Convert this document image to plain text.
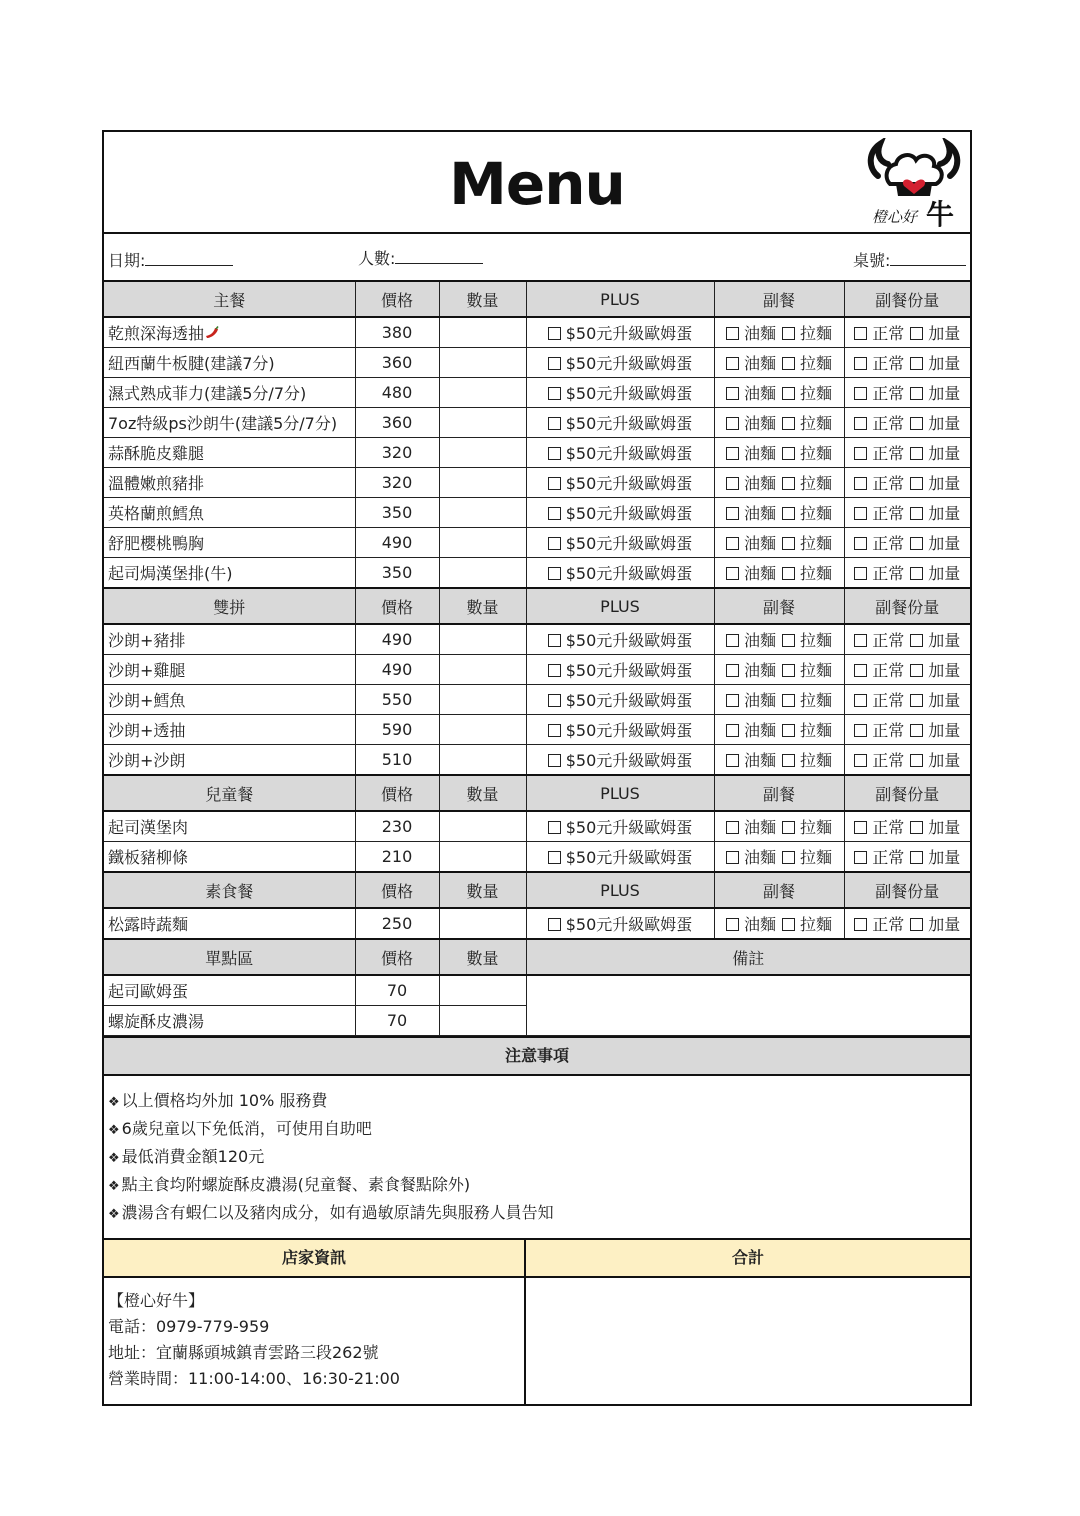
Menu	橙心好 牛
日期:	人數:	桌號:
主餐	價格	數量	PLUS	副餐	副餐份量
乾煎深海透抽	380		$50元升級歐姆蛋	油麵 拉麵	正常 加量
紐西蘭牛板腱(建議7分)	360		$50元升級歐姆蛋	油麵 拉麵	正常 加量
濕式熟成菲力(建議5分/7分)	480		$50元升級歐姆蛋	油麵 拉麵	正常 加量
7oz特級ps沙朗牛(建議5分/7分)	360		$50元升級歐姆蛋	油麵 拉麵	正常 加量
蒜酥脆皮雞腿	320		$50元升級歐姆蛋	油麵 拉麵	正常 加量
溫體嫩煎豬排	320		$50元升級歐姆蛋	油麵 拉麵	正常 加量
英格蘭煎鱈魚	350		$50元升級歐姆蛋	油麵 拉麵	正常 加量
舒肥櫻桃鴨胸	490		$50元升級歐姆蛋	油麵 拉麵	正常 加量
起司焗漢堡排(牛)	350		$50元升級歐姆蛋	油麵 拉麵	正常 加量
雙拼	價格	數量	PLUS	副餐	副餐份量
沙朗+豬排	490		$50元升級歐姆蛋	油麵 拉麵	正常 加量
沙朗+雞腿	490		$50元升級歐姆蛋	油麵 拉麵	正常 加量
沙朗+鱈魚	550		$50元升級歐姆蛋	油麵 拉麵	正常 加量
沙朗+透抽	590		$50元升級歐姆蛋	油麵 拉麵	正常 加量
沙朗+沙朗	510		$50元升級歐姆蛋	油麵 拉麵	正常 加量
兒童餐	價格	數量	PLUS	副餐	副餐份量
起司漢堡肉	230		$50元升級歐姆蛋	油麵 拉麵	正常 加量
鐵板豬柳條	210		$50元升級歐姆蛋	油麵 拉麵	正常 加量
素食餐	價格	數量	PLUS	副餐	副餐份量
松露時蔬麵	250		$50元升級歐姆蛋	油麵 拉麵	正常 加量
單點區	價格	數量	備註		
起司歐姆蛋	70				
螺旋酥皮濃湯	70				
注意事項
❖ 以上價格均外加 10% 服務費
❖ 6歲兒童以下免低消，可使用自助吧
❖ 最低消費金額120元
❖ 點主食均附螺旋酥皮濃湯(兒童餐、素食餐點除外)
❖ 濃湯含有蝦仁以及豬肉成分，如有過敏原請先與服務人員告知
店家資訊
【橙心好牛】
電話：0979-779-959
地址：宜蘭縣頭城鎮青雲路三段262號
營業時間：11:00-14:00、16:30-21:00
合計
